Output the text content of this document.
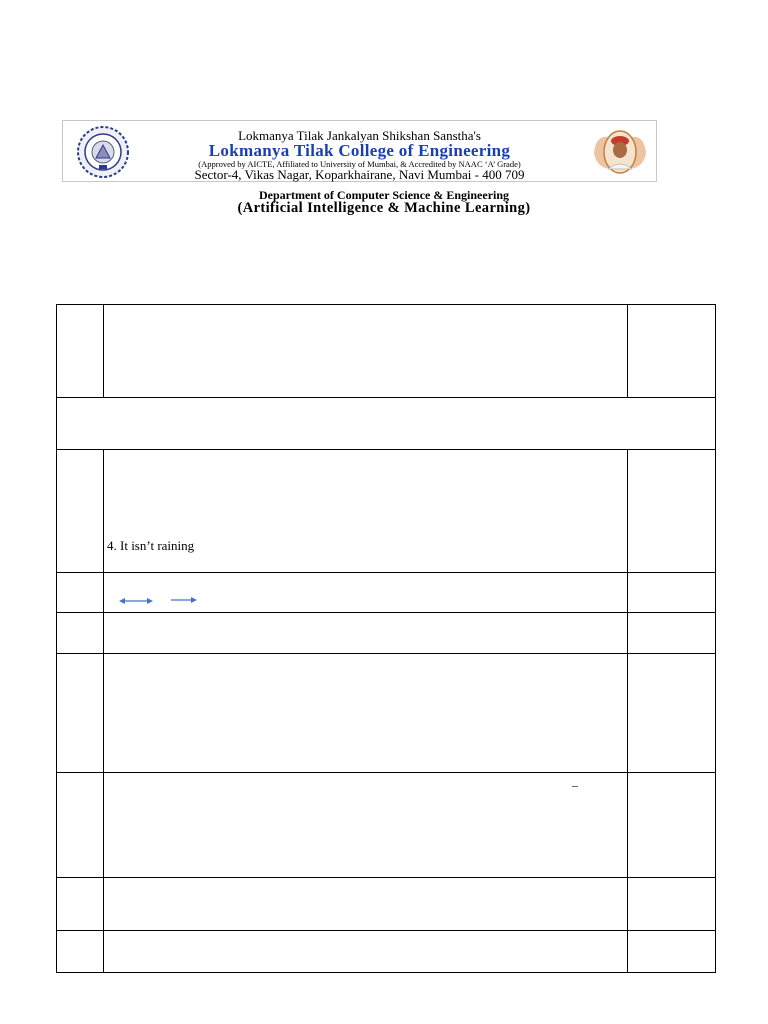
Lokmanya Tilak Jankalyan Shikshan Sanstha's
Lokmanya Tilak College of Engineering
(Approved by AICTE, Affiliated to University of Mumbai, & Accredited by NAAC ‘A’ Grade)
Sector-4, Vikas Nagar, Koparkhairane, Navi Mumbai - 400 709
Department of Computer Science & Engineering
(Artificial Intelligence & Machine Learning)
4. It isn’t raining
–
